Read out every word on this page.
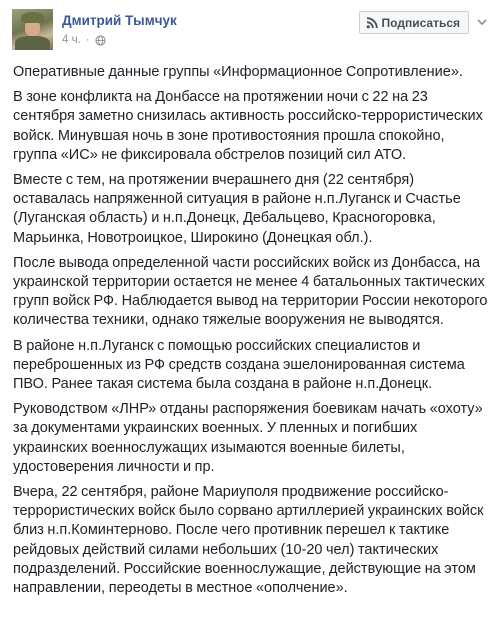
Дмитрий Тымчук
4 ч. ·
Подписаться

Оперативные данные группы «Информационное Сопротивление».

В зоне конфликта на Донбассе на протяжении ночи с 22 на 23 сентября заметно снизилась активность российско-террористических войск. Минувшая ночь в зоне противостояния прошла спокойно, группа «ИС» не фиксировала обстрелов позиций сил АТО.

Вместе с тем, на протяжении вчерашнего дня (22 сентября) оставалась напряженной ситуация в районе н.п.Луганск и Счастье (Луганская область) и н.п.Донецк, Дебальцево, Красногоровка, Марьинка, Новотроицкое, Широкино (Донецкая обл.).

После вывода определенной части российских войск из Донбасса, на украинской территории остается не менее 4 батальонных тактических групп войск РФ. Наблюдается вывод на территории России некоторого количества техники, однако тяжелые вооружения не выводятся.

В районе н.п.Луганск с помощью российских специалистов и переброшенных из РФ средств создана эшелонированная система ПВО. Ранее такая система была создана в районе н.п.Донецк.

Руководством «ЛНР» отданы распоряжения боевикам начать «охоту» за документами украинских военных. У пленных и погибших украинских военнослужащих изымаются военные билеты, удостоверения личности и пр.

Вчера, 22 сентября, районе Мариуполя продвижение российско-террористических войск было сорвано артиллерией украинских войск близ н.п.Коминтерново. После чего противник перешел к тактике рейдовых действий силами небольших (10-20 чел) тактических подразделений. Российские военнослужащие, действующие на этом направлении, переодеты в местное «ополчение».
